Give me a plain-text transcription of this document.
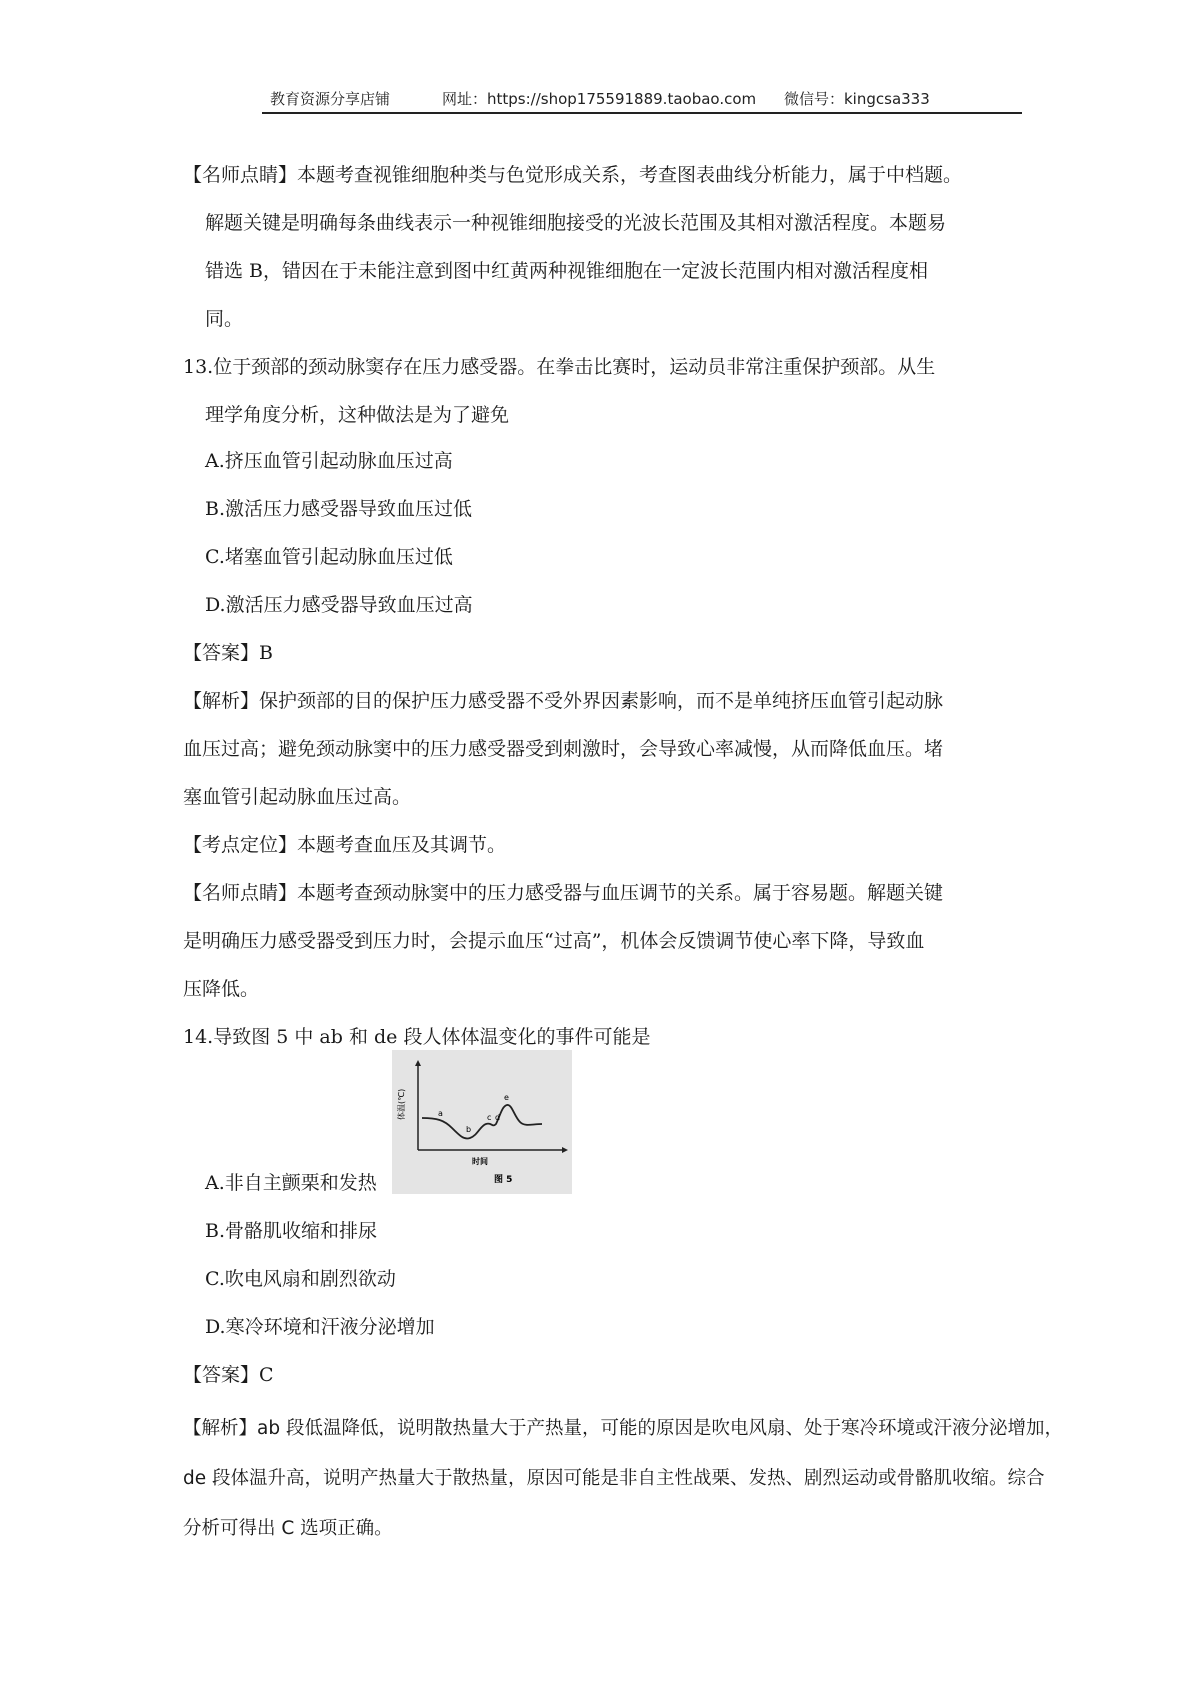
教育资源分享店铺

	网址：https://shop175591889.taobao.com

微信号：kingcsa333

【名师点睛】本题考查视锥细胞种类与色觉形成关系，考查图表曲线分析能力，属于中档题。
解题关键是明确每条曲线表示一种视锥细胞接受的光波长范围及其相对激活程度。本题易
错选 B，错因在于未能注意到图中红黄两种视锥细胞在一定波长范围内相对激活程度相
同。
13.位于颈部的颈动脉窦存在压力感受器。在拳击比赛时，运动员非常注重保护颈部。从生
理学角度分析，这种做法是为了避免
A.挤压血管引起动脉血压过高
B.激活压力感受器导致血压过低
C.堵塞血管引起动脉血压过低
D.激活压力感受器导致血压过高
【答案】B
【解析】保护颈部的目的保护压力感受器不受外界因素影响，而不是单纯挤压血管引起动脉
血压过高；避免颈动脉窦中的压力感受器受到刺激时，会导致心率减慢，从而降低血压。堵
塞血管引起动脉血压过高。
【考点定位】本题考查血压及其调节。
【名师点睛】本题考查颈动脉窦中的压力感受器与血压调节的关系。属于容易题。解题关键
是明确压力感受器受到压力时，会提示血压“过高”，机体会反馈调节使心率下降，导致血
压降低。
14.导致图 5 中 ab 和 de 段人体体温变化的事件可能是
a
b
c d
e
体温(℃)
时间
图 5
A.非自主颤栗和发热
B.骨骼肌收缩和排尿
C.吹电风扇和剧烈欲动
D.寒冷环境和汗液分泌增加
【答案】C
【解析】ab 段低温降低，说明散热量大于产热量，可能的原因是吹电风扇、处于寒冷环境或汗液分泌增加，
de 段体温升高，说明产热量大于散热量，原因可能是非自主性战栗、发热、剧烈运动或骨骼肌收缩。综合
分析可得出 C 选项正确。
